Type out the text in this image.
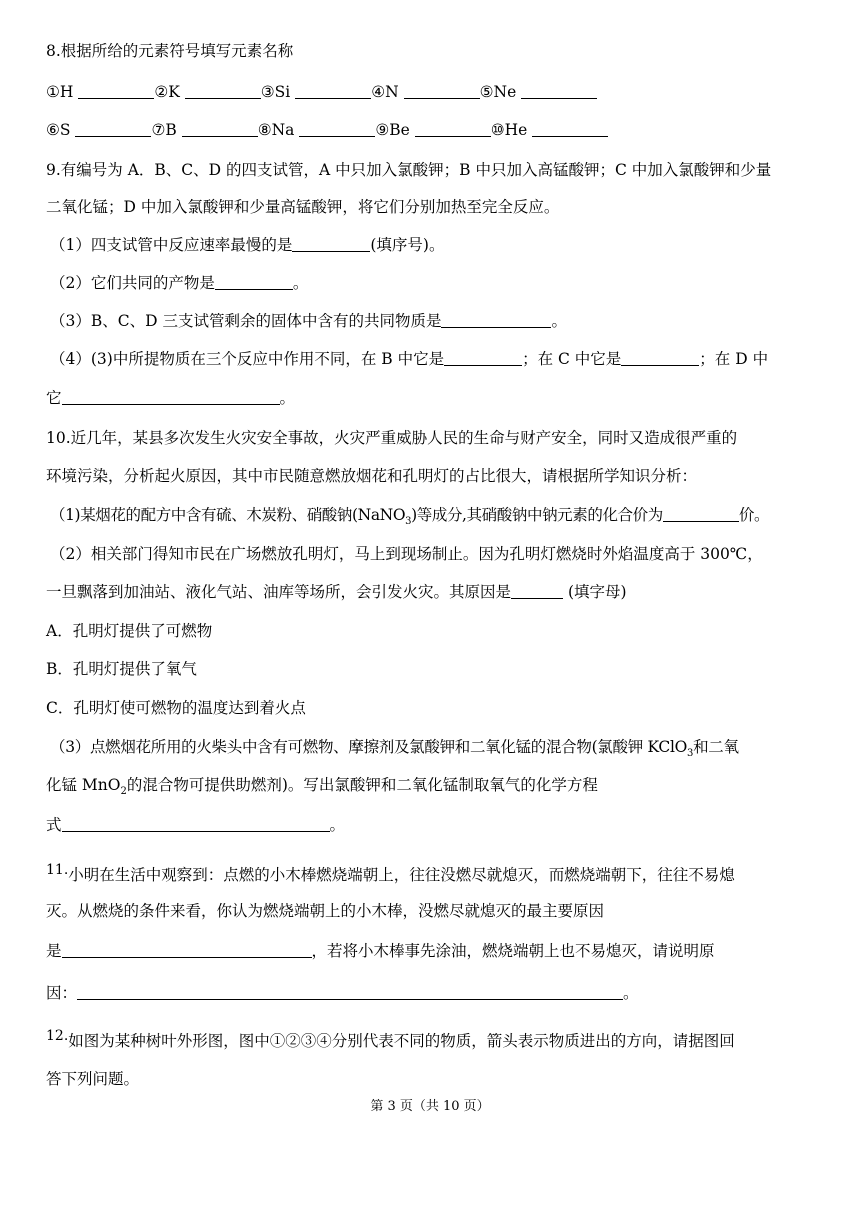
8.根据所给的元素符号填写元素名称
①H	②K	③Si	④N	⑤Ne
⑥S	⑦B	⑧Na	⑨Be	⑩He
9.有编号为 A．B、C、D 的四支试管，A 中只加入氯酸钾；B 中只加入高锰酸钾；C 中加入氯酸钾和少量
二氧化锰；D 中加入氯酸钾和少量高锰酸钾，将它们分别加热至完全反应。
（1）四支试管中反应速率最慢的是	(填序号)。
（2）它们共同的产物是	。
（3）B、C、D 三支试管剩余的固体中含有的共同物质是	。
（4）(3)中所提物质在三个反应中作用不同，在 B 中它是	；在 C 中它是	；在 D 中
它	。
10.近几年，某县多次发生火灾安全事故，火灾严重威胁人民的生命与财产安全，同时又造成很严重的
环境污染，分析起火原因，其中市民随意燃放烟花和孔明灯的占比很大，请根据所学知识分析：
（1)某烟花的配方中含有硫、木炭粉、硝酸钠(NaNO$_3$)等成分,其硝酸钠中钠元素的化合价为	价。
（2）相关部门得知市民在广场燃放孔明灯，马上到现场制止。因为孔明灯燃烧时外焰温度高于 300℃，
一旦飘落到加油站、液化气站、油库等场所，会引发火灾。其原因是	(填字母)
A．孔明灯提供了可燃物
B．孔明灯提供了氧气
C．孔明灯使可燃物的温度达到着火点
（3）点燃烟花所用的火柴头中含有可燃物、摩擦剂及氯酸钾和二氧化锰的混合物(氯酸钾 KClO$_3$和二氧
化锰 MnO$_2$的混合物可提供助燃剂)。写出氯酸钾和二氧化锰制取氧气的化学方程
式	。
11.小明在生活中观察到：点燃的小木棒燃烧端朝上，往往没燃尽就熄灭，而燃烧端朝下，往往不易熄
灭。从燃烧的条件来看，你认为燃烧端朝上的小木棒，没燃尽就熄灭的最主要原因
是	，若将小木棒事先涂油，燃烧端朝上也不易熄灭，请说明原
因：	。
12.如图为某种树叶外形图，图中①②③④分别代表不同的物质，箭头表示物质进出的方向，请据图回
答下列问题。
第 3 页（共 10 页）
